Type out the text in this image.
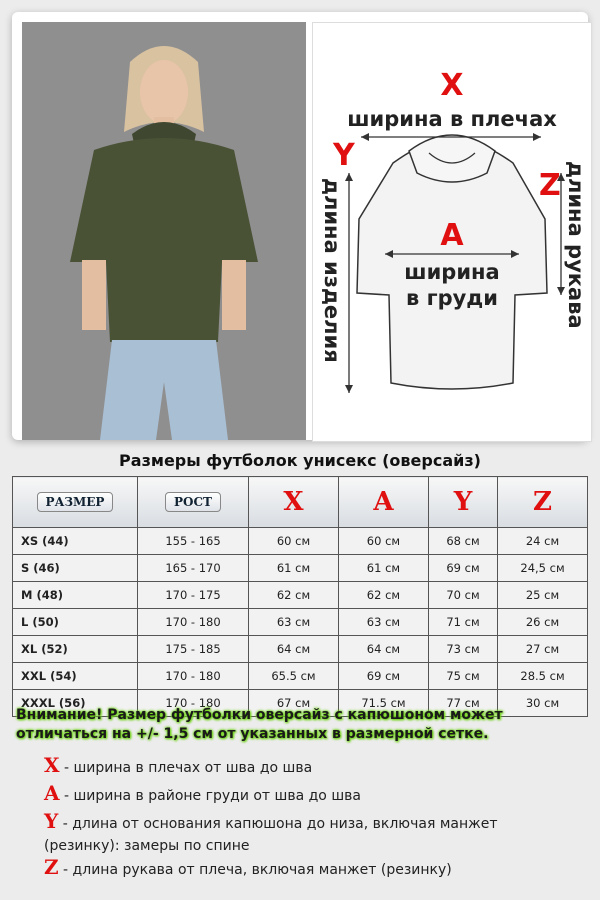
X
ширина в плечах
Y
длина изделия	Z длина рукава
A
ширина
в груди
Размеры футболок унисекс (оверсайз)
РАЗМЕР	РОСТ	X	A	Y	Z
XS (44)	155 - 165	60 см	60 см	68 см	24 см
S (46)	165 - 170	61 см	61 см	69 см	24,5 см
M (48)	170 - 175	62 см	62 см	70 см	25 см
L (50)	170 - 180	63 см	63 см	71 см	26 см
XL (52)	175 - 185	64 см	64 см	73 см	27 см
XXL (54)	170 - 180	65.5 см	69 см	75 см	28.5 см
XXXL (56)	170 - 180	67 см	71.5 см	77 см	30 см
Внимание! Размер футболки оверсайз с капюшоном может
отличаться на +/- 1,5 см от указанных в размерной сетке.
X - ширина в плечах от шва до шва
A - ширина в районе груди от шва до шва
Y - длина от основания капюшона до низа, включая манжет
(резинку): замеры по спине
Z - длина рукава от плеча, включая манжет (резинку)
